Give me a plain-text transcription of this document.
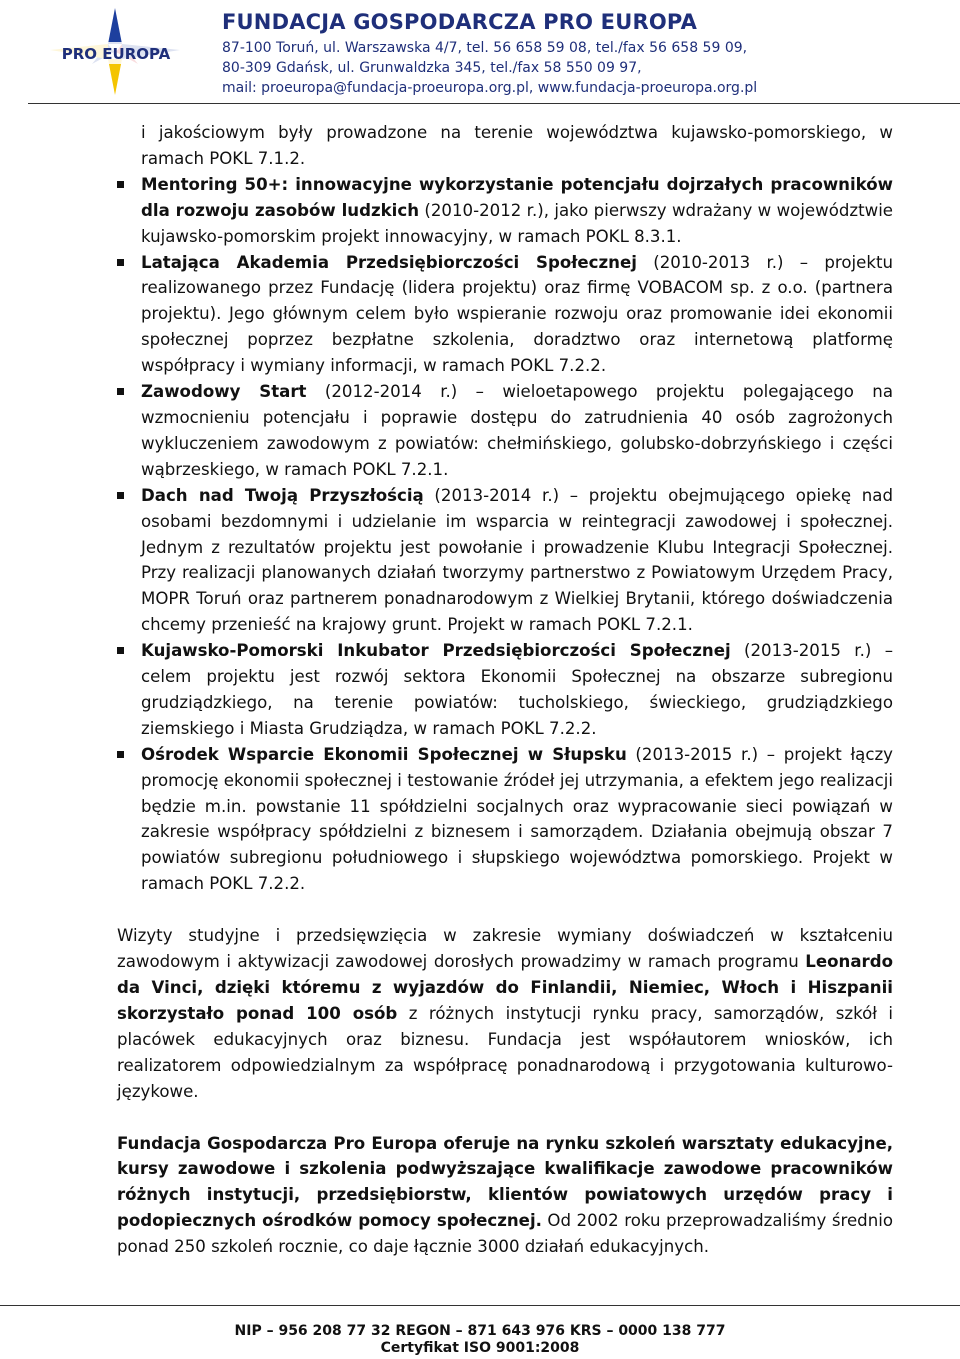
PRO EUROPA
FUNDACJA GOSPODARCZA PRO EUROPA
87-100 Toruń, ul. Warszawska 4/7, tel. 56 658 59 08, tel./fax 56 658 59 09,
80-309 Gdańsk, ul. Grunwaldzka 345, tel./fax 58 550 09 97,
mail: proeuropa@fundacja-proeuropa.org.pl, www.fundacja-proeuropa.org.pl

i jakościowym były prowadzone na terenie województwa kujawsko-pomorskiego, w ramach POKL 7.1.2.

Mentoring 50+: innowacyjne wykorzystanie potencjału dojrzałych pracowników dla rozwoju zasobów ludzkich (2010-2012 r.), jako pierwszy wdrażany w województwie kujawsko-pomorskim projekt innowacyjny, w ramach POKL 8.3.1.

Latająca Akademia Przedsiębiorczości Społecznej (2010-2013 r.) – projektu realizowanego przez Fundację (lidera projektu) oraz firmę VOBACOM sp. z o.o. (partnera projektu). Jego głównym celem było wspieranie rozwoju oraz promowanie idei ekonomii społecznej poprzez bezpłatne szkolenia, doradztwo oraz internetową platformę współpracy i wymiany informacji, w ramach POKL 7.2.2.

Zawodowy Start (2012-2014 r.) – wieloetapowego projektu polegającego na wzmocnieniu potencjału i poprawie dostępu do zatrudnienia 40 osób zagrożonych wykluczeniem zawodowym z powiatów: chełmińskiego, golubsko-dobrzyńskiego i części wąbrzeskiego, w ramach POKL 7.2.1.

Dach nad Twoją Przyszłością (2013-2014 r.) – projektu obejmującego opiekę nad osobami bezdomnymi i udzielanie im wsparcia w reintegracji zawodowej i społecznej. Jednym z rezultatów projektu jest powołanie i prowadzenie Klubu Integracji Społecznej. Przy realizacji planowanych działań tworzymy partnerstwo z Powiatowym Urzędem Pracy, MOPR Toruń oraz partnerem ponadnarodowym z Wielkiej Brytanii, którego doświadczenia chcemy przenieść na krajowy grunt. Projekt w ramach POKL 7.2.1.

Kujawsko-Pomorski Inkubator Przedsiębiorczości Społecznej (2013-2015 r.) – celem projektu jest rozwój sektora Ekonomii Społecznej na obszarze subregionu grudziądzkiego, na terenie powiatów: tucholskiego, świeckiego, grudziądzkiego ziemskiego i Miasta Grudziądza, w ramach POKL 7.2.2.

Ośrodek Wsparcie Ekonomii Społecznej w Słupsku (2013-2015 r.) – projekt łączy promocję ekonomii społecznej i testowanie źródeł jej utrzymania, a efektem jego realizacji będzie m.in. powstanie 11 spółdzielni socjalnych oraz wypracowanie sieci powiązań w zakresie współpracy spółdzielni z biznesem i samorządem. Działania obejmują obszar 7 powiatów subregionu południowego i słupskiego województwa pomorskiego. Projekt w ramach POKL 7.2.2.

Wizyty studyjne i przedsięwzięcia w zakresie wymiany doświadczeń w kształceniu zawodowym i aktywizacji zawodowej dorosłych prowadzimy w ramach programu Leonardo da Vinci, dzięki któremu z wyjazdów do Finlandii, Niemiec, Włoch i Hiszpanii skorzystało ponad 100 osób z różnych instytucji rynku pracy, samorządów, szkół i placówek edukacyjnych oraz biznesu. Fundacja jest współautorem wniosków, ich realizatorem odpowiedzialnym za współpracę ponadnarodową i przygotowania kulturowo-językowe.

Fundacja Gospodarcza Pro Europa oferuje na rynku szkoleń warsztaty edukacyjne, kursy zawodowe i szkolenia podwyższające kwalifikacje zawodowe pracowników różnych instytucji, przedsiębiorstw, klientów powiatowych urzędów pracy i podopiecznych ośrodków pomocy społecznej. Od 2002 roku przeprowadzaliśmy średnio ponad 250 szkoleń rocznie, co daje łącznie 3000 działań edukacyjnych.

NIP – 956 208 77 32 REGON – 871 643 976 KRS – 0000 138 777
Certyfikat ISO 9001:2008
